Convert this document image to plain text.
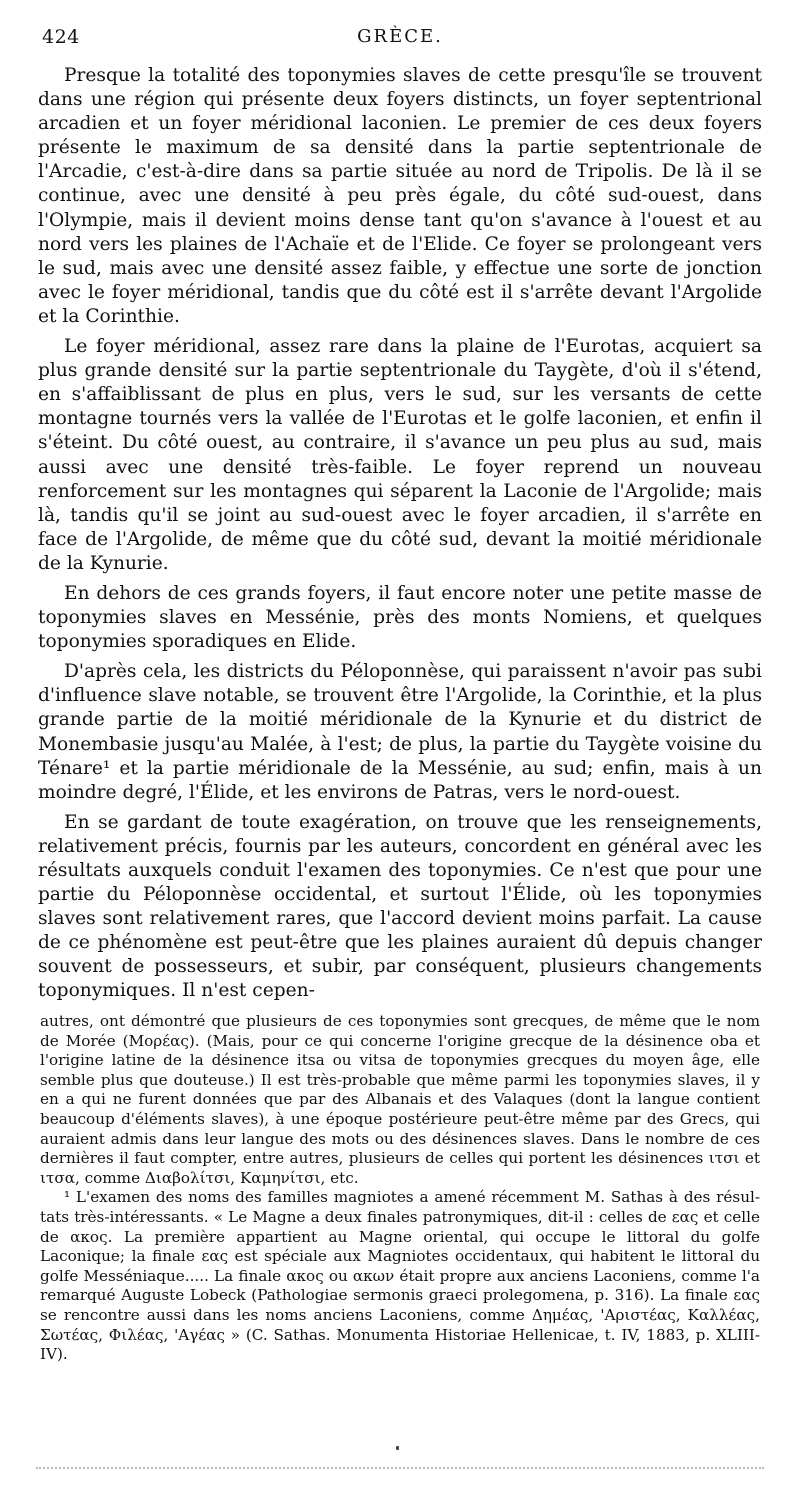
424	GRÈCE.

Presque la totalité des toponymies slaves de cette presqu'île se trouvent dans une région qui présente deux foyers distincts, un foyer septentrional arcadien et un foyer méridional laconien. Le premier de ces deux foyers présente le maximum de sa densité dans la partie septentrionale de l'Arcadie, c'est-à-dire dans sa partie située au nord de Tripolis. De là il se continue, avec une densité à peu près égale, du côté sud-ouest, dans l'Olympie, mais il devient moins dense tant qu'on s'avance à l'ouest et au nord vers les plaines de l'Achaïe et de l'Elide. Ce foyer se prolongeant vers le sud, mais avec une densité assez faible, y effectue une sorte de jonction avec le foyer méridional, tandis que du côté est il s'arrête devant l'Argolide et la Corinthie.

Le foyer méridional, assez rare dans la plaine de l'Eurotas, acquiert sa plus grande densité sur la partie septentrionale du Taygète, d'où il s'étend, en s'affaiblissant de plus en plus, vers le sud, sur les versants de cette montagne tournés vers la vallée de l'Eurotas et le golfe laconien, et enfin il s'éteint. Du côté ouest, au contraire, il s'avance un peu plus au sud, mais aussi avec une densité très-faible. Le foyer reprend un nouveau renforcement sur les montagnes qui séparent la Laconie de l'Argolide; mais là, tandis qu'il se joint au sud-ouest avec le foyer arcadien, il s'arrête en face de l'Argolide, de même que du côté sud, devant la moitié méridionale de la Kynurie.

En dehors de ces grands foyers, il faut encore noter une petite masse de toponymies slaves en Messénie, près des monts Nomiens, et quelques toponymies sporadiques en Elide.

D'après cela, les districts du Péloponnèse, qui paraissent n'avoir pas subi d'influence slave notable, se trouvent être l'Argolide, la Corinthie, et la plus grande partie de la moitié méridionale de la Kynurie et du district de Monembasie jusqu'au Malée, à l'est; de plus, la partie du Taygète voisine du Ténare¹ et la partie méridionale de la Messénie, au sud; enfin, mais à un moindre degré, l'Élide, et les environs de Patras, vers le nord-ouest.

En se gardant de toute exagération, on trouve que les renseignements, relativement précis, fournis par les auteurs, concordent en général avec les résultats auxquels conduit l'examen des toponymies. Ce n'est que pour une partie du Péloponnèse occidental, et surtout l'Élide, où les toponymies slaves sont relativement rares, que l'accord devient moins parfait. La cause de ce phénomène est peut-être que les plaines auraient dû depuis changer souvent de possesseurs, et subir, par conséquent, plusieurs changements toponymiques. Il n'est cepen-

autres, ont démontré que plusieurs de ces toponymies sont grecques, de même que le nom de Morée (Μορέας). (Mais, pour ce qui concerne l'origine grecque de la désinence oba et l'origine latine de la désinence itsa ou vitsa de toponymies grecques du moyen âge, elle semble plus que douteuse.) Il est très-probable que même parmi les toponymies slaves, il y en a qui ne furent données que par des Albanais et des Valaques (dont la langue contient beaucoup d'éléments slaves), à une époque postérieure peut-être même par des Grecs, qui auraient admis dans leur langue des mots ou des désinences slaves. Dans le nombre de ces dernières il faut compter, entre autres, plusieurs de celles qui portent les désinences ιτσι et ιτσα, comme Διαβολίτσι, Καμηνίτσι, etc.

¹ L'examen des noms des familles magniotes a amené récemment M. Sathas à des résultats très-intéressants. « Le Magne a deux finales patronymiques, dit-il : celles de εας et celle de ακος. La première appartient au Magne oriental, qui occupe le littoral du golfe Laconique; la finale εας est spéciale aux Magniotes occidentaux, qui habitent le littoral du golfe Messéniaque..... La finale ακος ou ακων était propre aux anciens Laconiens, comme l'a remarqué Auguste Lobeck (Pathologiae sermonis graeci prolegomena, p. 316). La finale εας se rencontre aussi dans les noms anciens Laconiens, comme Δημέας, 'Αριστέας, Καλλέας, Σωτέας, Φιλέας, 'Αγέας » (C. Sathas. Monumenta Historiae Hellenicae, t. IV, 1883, p. XLIII-IV).
